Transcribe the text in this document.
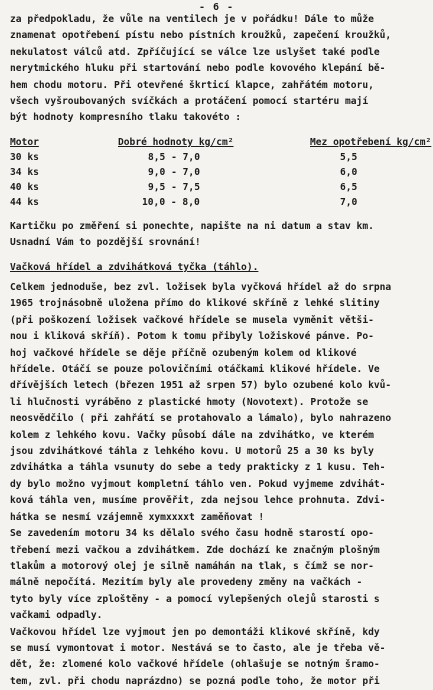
- 6 -
za předpokladu, že vůle na ventilech je v pořádku! Dále to může
znamenat opotřebení pístu nebo pístních kroužků, zapečení kroužků,
nekulatost válců atd. Zpříčující se válce lze uslyšet také podle
nerytmického hluku při startování nebo podle kovového klepání bě-
hem chodu motoru. Při otevřené škrticí klapce, zahřátém motoru,
všech vyšroubovaných svíčkách a protáčení pomocí startéru mají
být hodnoty kompresního tlaku takovéto :
Motor	Dobré hodnoty kg/cm²	Mez opotřebení kg/cm²
30 ks	8,5 - 7,0	5,5
34 ks	9,0 - 7,0	6,0
40 ks	9,5 - 7,5	6,5
44 ks	10,0 - 8,0	7,0
Kartičku po změření si ponechte, napište na ni datum a stav km.
Usnadní Vám to pozdější srovnání!
Vačková hřídel a zdvihátková tyčka (táhlo).
Celkem jednoduše, bez zvl. ložisek byla vyčková hřídel až do srpna
1965 trojnásobně uložena přímo do klikové skříně z lehké slitiny
(při poškození ložisek vačkové hřídele se musela vyměnit větši-
nou i kliková skříň). Potom k tomu přibyly ložiskové pánve. Po-
hoj vačkové hřídele se děje příčně ozubeným kolem od klikové
hřídele. Otáčí se pouze polovičními otáčkami klikové hřídele. Ve
dřívějších letech (březen 1951 až srpen 57) bylo ozubené kolo kvů-
li hlučnosti vyráběno z plastické hmoty (Novotext). Protože se
neosvědčilo ( při zahřátí se protahovalo a lámalo), bylo nahrazeno
kolem z lehkého kovu. Vačky působí dále na zdvihátko, ve kterém
jsou zdvihátkové táhla z lehkého kovu. U motorů 25 a 30 ks byly
zdvihátka a táhla vsunuty do sebe a tedy prakticky z 1 kusu. Teh-
dy bylo možno vyjmout kompletní táhlo ven. Pokud vyjmeme zdvihát-
ková táhla ven, musíme prověřit, zda nejsou lehce prohnuta. Zdvi-
hátka se nesmí vzájemně xymxxxxt zaměňovat !
Se zavedením motoru 34 ks dělalo svého času hodně starostí opo-
třebení mezi vačkou a zdvihátkem. Zde dochází ke značným plošným
tlakům a motorový olej je silně namáhán na tlak, s čímž se nor-
málně nepočítá. Mezitím byly ale provedeny změny na vačkách -
tyto byly více zploštěny - a pomocí vylepšených olejů starosti s
vačkami odpadly.
Vačkovou hřídel lze vyjmout jen po demontáži klikové skříně, kdy
se musí vymontovat i motor. Nestává se to často, ale je třeba vě-
dět, že: zlomené kolo vačkové hřídele (ohlašuje se notným šramo-
tem, zvl. při chodu naprázdno) se pozná podle toho, že motor při
